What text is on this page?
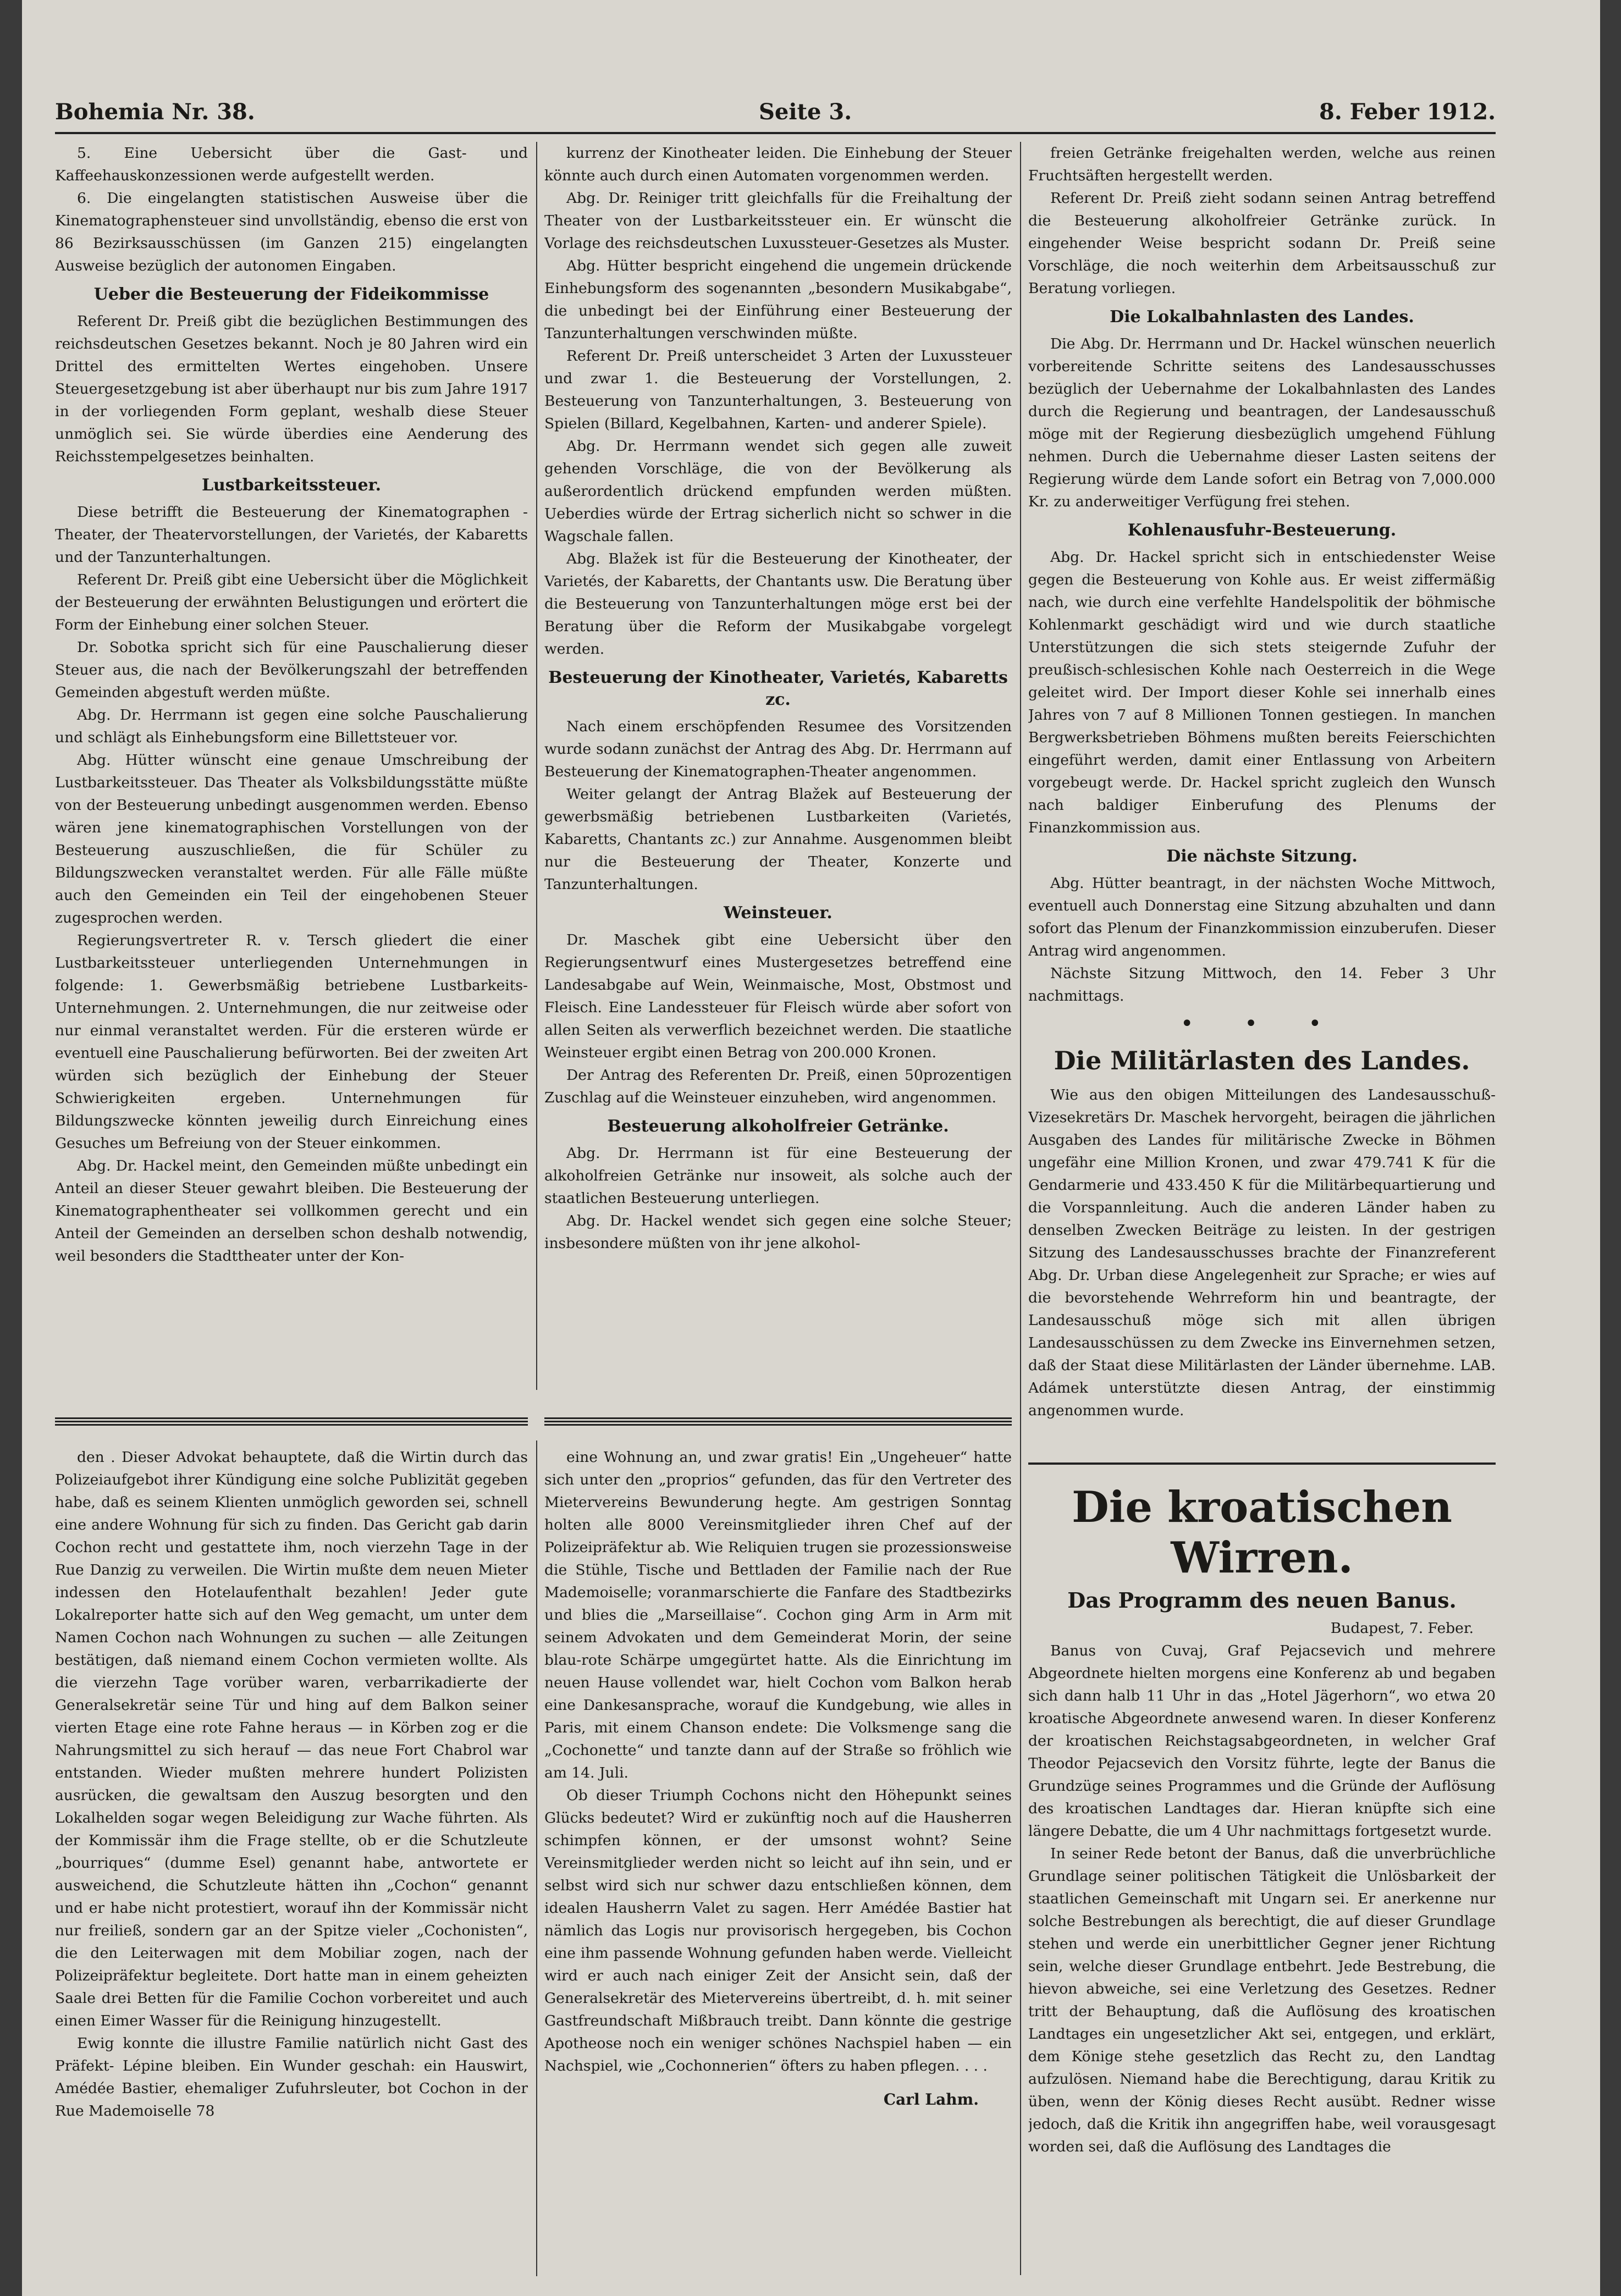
Bohemia Nr. 38.	Seite 3.	8. Feber 1912.

5. Eine Uebersicht über die Gast- und Kaffeehauskonzessionen werde aufgestellt werden.

6. Die eingelangten statistischen Ausweise über die Kinematographensteuer sind unvollständig, ebenso die erst von 86 Bezirksausschüssen (im Ganzen 215) eingelangten Ausweise bezüglich der autonomen Eingaben.

Ueber die Besteuerung der Fideikommisse

Referent Dr. Preiß gibt die bezüglichen Bestimmungen des reichsdeutschen Gesetzes bekannt. Noch je 80 Jahren wird ein Drittel des ermittelten Wertes eingehoben. Unsere Steuergesetzgebung ist aber überhaupt nur bis zum Jahre 1917 in der vorliegenden Form geplant, weshalb diese Steuer unmöglich sei. Sie würde überdies eine Aenderung des Reichsstempelgesetzes beinhalten.

Lustbarkeitssteuer.

Diese betrifft die Besteuerung der Kinematographen - Theater, der Theatervorstellungen, der Varietés, der Kabaretts und der Tanzunterhaltungen.

Referent Dr. Preiß gibt eine Uebersicht über die Möglichkeit der Besteuerung der erwähnten Belustigungen und erörtert die Form der Einhebung einer solchen Steuer.

Dr. Sobotka spricht sich für eine Pauschalierung dieser Steuer aus, die nach der Bevölkerungszahl der betreffenden Gemeinden abgestuft werden müßte.

Abg. Dr. Herrmann ist gegen eine solche Pauschalierung und schlägt als Einhebungsform eine Billettsteuer vor.

Abg. Hütter wünscht eine genaue Umschreibung der Lustbarkeitssteuer. Das Theater als Volksbildungsstätte müßte von der Besteuerung unbedingt ausgenommen werden. Ebenso wären jene kinematographischen Vorstellungen von der Besteuerung auszuschließen, die für Schüler zu Bildungszwecken veranstaltet werden. Für alle Fälle müßte auch den Gemeinden ein Teil der eingehobenen Steuer zugesprochen werden.

Regierungsvertreter R. v. Tersch gliedert die einer Lustbarkeitssteuer unterliegenden Unternehmungen in folgende: 1. Gewerbsmäßig betriebene Lustbarkeits-Unternehmungen. 2. Unternehmungen, die nur zeitweise oder nur einmal veranstaltet werden. Für die ersteren würde er eventuell eine Pauschalierung befürworten. Bei der zweiten Art würden sich bezüglich der Einhebung der Steuer Schwierigkeiten ergeben. Unternehmungen für Bildungszwecke könnten jeweilig durch Einreichung eines Gesuches um Befreiung von der Steuer einkommen.

Abg. Dr. Hackel meint, den Gemeinden müßte unbedingt ein Anteil an dieser Steuer gewahrt bleiben. Die Besteuerung der Kinematographentheater sei vollkommen gerecht und ein Anteil der Gemeinden an derselben schon deshalb notwendig, weil besonders die Stadttheater unter der Kon-

kurrenz der Kinotheater leiden. Die Einhebung der Steuer könnte auch durch einen Automaten vorgenommen werden.

Abg. Dr. Reiniger tritt gleichfalls für die Freihaltung der Theater von der Lustbarkeitssteuer ein. Er wünscht die Vorlage des reichsdeutschen Luxussteuer-Gesetzes als Muster.

Abg. Hütter bespricht eingehend die ungemein drückende Einhebungsform des sogenannten „besondern Musikabgabe“, die unbedingt bei der Einführung einer Besteuerung der Tanzunterhaltungen verschwinden müßte.

Referent Dr. Preiß unterscheidet 3 Arten der Luxussteuer und zwar 1. die Besteuerung der Vorstellungen, 2. Besteuerung von Tanzunterhaltungen, 3. Besteuerung von Spielen (Billard, Kegelbahnen, Karten- und anderer Spiele).

Abg. Dr. Herrmann wendet sich gegen alle zuweit gehenden Vorschläge, die von der Bevölkerung als außerordentlich drückend empfunden werden müßten. Ueberdies würde der Ertrag sicherlich nicht so schwer in die Wagschale fallen.

Abg. Blažek ist für die Besteuerung der Kinotheater, der Varietés, der Kabaretts, der Chantants usw. Die Beratung über die Besteuerung von Tanzunterhaltungen möge erst bei der Beratung über die Reform der Musikabgabe vorgelegt werden.

Besteuerung der Kinotheater, Varietés, Kabaretts zc.

Nach einem erschöpfenden Resumee des Vorsitzenden wurde sodann zunächst der Antrag des Abg. Dr. Herrmann auf Besteuerung der Kinematographen-Theater angenommen.

Weiter gelangt der Antrag Blažek auf Besteuerung der gewerbsmäßig betriebenen Lustbarkeiten (Varietés, Kabaretts, Chantants zc.) zur Annahme. Ausgenommen bleibt nur die Besteuerung der Theater, Konzerte und Tanzunterhaltungen.

Weinsteuer.

Dr. Maschek gibt eine Uebersicht über den Regierungsentwurf eines Mustergesetzes betreffend eine Landesabgabe auf Wein, Weinmaische, Most, Obstmost und Fleisch. Eine Landessteuer für Fleisch würde aber sofort von allen Seiten als verwerflich bezeichnet werden. Die staatliche Weinsteuer ergibt einen Betrag von 200.000 Kronen.

Der Antrag des Referenten Dr. Preiß, einen 50prozentigen Zuschlag auf die Weinsteuer einzuheben, wird angenommen.

Besteuerung alkoholfreier Getränke.

Abg. Dr. Herrmann ist für eine Besteuerung der alkoholfreien Getränke nur insoweit, als solche auch der staatlichen Besteuerung unterliegen.

Abg. Dr. Hackel wendet sich gegen eine solche Steuer; insbesondere müßten von ihr jene alkohol-

freien Getränke freigehalten werden, welche aus reinen Fruchtsäften hergestellt werden.

Referent Dr. Preiß zieht sodann seinen Antrag betreffend die Besteuerung alkoholfreier Getränke zurück. In eingehender Weise bespricht sodann Dr. Preiß seine Vorschläge, die noch weiterhin dem Arbeitsausschuß zur Beratung vorliegen.

Die Lokalbahnlasten des Landes.

Die Abg. Dr. Herrmann und Dr. Hackel wünschen neuerlich vorbereitende Schritte seitens des Landesausschusses bezüglich der Uebernahme der Lokalbahnlasten des Landes durch die Regierung und beantragen, der Landesausschuß möge mit der Regierung diesbezüglich umgehend Fühlung nehmen. Durch die Uebernahme dieser Lasten seitens der Regierung würde dem Lande sofort ein Betrag von 7,000.000 Kr. zu anderweitiger Verfügung frei stehen.

Kohlenausfuhr-Besteuerung.

Abg. Dr. Hackel spricht sich in entschiedenster Weise gegen die Besteuerung von Kohle aus. Er weist ziffermäßig nach, wie durch eine verfehlte Handelspolitik der böhmische Kohlenmarkt geschädigt wird und wie durch staatliche Unterstützungen die sich stets steigernde Zufuhr der preußisch-schlesischen Kohle nach Oesterreich in die Wege geleitet wird. Der Import dieser Kohle sei innerhalb eines Jahres von 7 auf 8 Millionen Tonnen gestiegen. In manchen Bergwerksbetrieben Böhmens mußten bereits Feierschichten eingeführt werden, damit einer Entlassung von Arbeitern vorgebeugt werde. Dr. Hackel spricht zugleich den Wunsch nach baldiger Einberufung des Plenums der Finanzkommission aus.

Die nächste Sitzung.

Abg. Hütter beantragt, in der nächsten Woche Mittwoch, eventuell auch Donnerstag eine Sitzung abzuhalten und dann sofort das Plenum der Finanzkommission einzuberufen. Dieser Antrag wird angenommen.

Nächste Sitzung Mittwoch, den 14. Feber 3 Uhr nachmittags.

• • •
Die Militärlasten des Landes.

Wie aus den obigen Mitteilungen des Landesausschuß-Vizesekretärs Dr. Maschek hervorgeht, beiragen die jährlichen Ausgaben des Landes für militärische Zwecke in Böhmen ungefähr eine Million Kronen, und zwar 479.741 K für die Gendarmerie und 433.450 K für die Militärbequartierung und die Vorspannleitung. Auch die anderen Länder haben zu denselben Zwecken Beiträge zu leisten. In der gestrigen Sitzung des Landesausschusses brachte der Finanzreferent Abg. Dr. Urban diese Angelegenheit zur Sprache; er wies auf die bevorstehende Wehrreform hin und beantragte, der Landesausschuß möge sich mit allen übrigen Landesausschüssen zu dem Zwecke ins Einvernehmen setzen, daß der Staat diese Militärlasten der Länder übernehme. LAB. Adámek unterstützte diesen Antrag, der einstimmig angenommen wurde.

den . Dieser Advokat behauptete, daß die Wirtin durch das Polizeiaufgebot ihrer Kündigung eine solche Publizität gegeben habe, daß es seinem Klienten unmöglich geworden sei, schnell eine andere Wohnung für sich zu finden. Das Gericht gab darin Cochon recht und gestattete ihm, noch vierzehn Tage in der Rue Danzig zu verweilen. Die Wirtin mußte dem neuen Mieter indessen den Hotelaufenthalt bezahlen! Jeder gute Lokalreporter hatte sich auf den Weg gemacht, um unter dem Namen Cochon nach Wohnungen zu suchen — alle Zeitungen bestätigen, daß niemand einem Cochon vermieten wollte. Als die vierzehn Tage vorüber waren, verbarrikadierte der Generalsekretär seine Tür und hing auf dem Balkon seiner vierten Etage eine rote Fahne heraus — in Körben zog er die Nahrungsmittel zu sich herauf — das neue Fort Chabrol war entstanden. Wieder mußten mehrere hundert Polizisten ausrücken, die gewaltsam den Auszug besorgten und den Lokalhelden sogar wegen Beleidigung zur Wache führten. Als der Kommissär ihm die Frage stellte, ob er die Schutzleute „bourriques“ (dumme Esel) genannt habe, antwortete er ausweichend, die Schutzleute hätten ihn „Cochon“ genannt und er habe nicht protestiert, worauf ihn der Kommissär nicht nur freiließ, sondern gar an der Spitze vieler „Cochonisten“, die den Leiterwagen mit dem Mobiliar zogen, nach der Polizeipräfektur begleitete. Dort hatte man in einem geheizten Saale drei Betten für die Familie Cochon vorbereitet und auch einen Eimer Wasser für die Reinigung hinzugestellt.

Ewig konnte die illustre Familie natürlich nicht Gast des Präfekt- Lépine bleiben. Ein Wunder geschah: ein Hauswirt, Amédée Bastier, ehemaliger Zufuhrsleuter, bot Cochon in der Rue Mademoiselle 78

eine Wohnung an, und zwar gratis! Ein „Ungeheuer“ hatte sich unter den „proprios“ gefunden, das für den Vertreter des Mietervereins Bewunderung hegte. Am gestrigen Sonntag holten alle 8000 Vereinsmitglieder ihren Chef auf der Polizeipräfektur ab. Wie Reliquien trugen sie prozessionsweise die Stühle, Tische und Bettladen der Familie nach der Rue Mademoiselle; voranmarschierte die Fanfare des Stadtbezirks und blies die „Marseillaise“. Cochon ging Arm in Arm mit seinem Advokaten und dem Gemeinderat Morin, der seine blau-rote Schärpe umgegürtet hatte. Als die Einrichtung im neuen Hause vollendet war, hielt Cochon vom Balkon herab eine Dankesansprache, worauf die Kundgebung, wie alles in Paris, mit einem Chanson endete: Die Volksmenge sang die „Cochonette“ und tanzte dann auf der Straße so fröhlich wie am 14. Juli.

Ob dieser Triumph Cochons nicht den Höhepunkt seines Glücks bedeutet? Wird er zukünftig noch auf die Hausherren schimpfen können, er der umsonst wohnt? Seine Vereinsmitglieder werden nicht so leicht auf ihn sein, und er selbst wird sich nur schwer dazu entschließen können, dem idealen Hausherrn Valet zu sagen. Herr Amédée Bastier hat nämlich das Logis nur provisorisch hergegeben, bis Cochon eine ihm passende Wohnung gefunden haben werde. Vielleicht wird er auch nach einiger Zeit der Ansicht sein, daß der Generalsekretär des Mietervereins übertreibt, d. h. mit seiner Gastfreundschaft Mißbrauch treibt. Dann könnte die gestrige Apotheose noch ein weniger schönes Nachspiel haben — ein Nachspiel, wie „Cochonnerien“ öfters zu haben pflegen. . . .

Carl Lahm.
Die kroatischen Wirren.
Das Programm des neuen Banus.
Budapest, 7. Feber.

Banus von Cuvaj, Graf Pejacsevich und mehrere Abgeordnete hielten morgens eine Konferenz ab und begaben sich dann halb 11 Uhr in das „Hotel Jägerhorn“, wo etwa 20 kroatische Abgeordnete anwesend waren. In dieser Konferenz der kroatischen Reichstagsabgeordneten, in welcher Graf Theodor Pejacsevich den Vorsitz führte, legte der Banus die Grundzüge seines Programmes und die Gründe der Auflösung des kroatischen Landtages dar. Hieran knüpfte sich eine längere Debatte, die um 4 Uhr nachmittags fortgesetzt wurde.

In seiner Rede betont der Banus, daß die unverbrüchliche Grundlage seiner politischen Tätigkeit die Unlösbarkeit der staatlichen Gemeinschaft mit Ungarn sei. Er anerkenne nur solche Bestrebungen als berechtigt, die auf dieser Grundlage stehen und werde ein unerbittlicher Gegner jener Richtung sein, welche dieser Grundlage entbehrt. Jede Bestrebung, die hievon abweiche, sei eine Verletzung des Gesetzes. Redner tritt der Behauptung, daß die Auflösung des kroatischen Landtages ein ungesetzlicher Akt sei, entgegen, und erklärt, dem Könige stehe gesetzlich das Recht zu, den Landtag aufzulösen. Niemand habe die Berechtigung, darau Kritik zu üben, wenn der König dieses Recht ausübt. Redner wisse jedoch, daß die Kritik ihn angegriffen habe, weil vorausgesagt worden sei, daß die Auflösung des Landtages die
